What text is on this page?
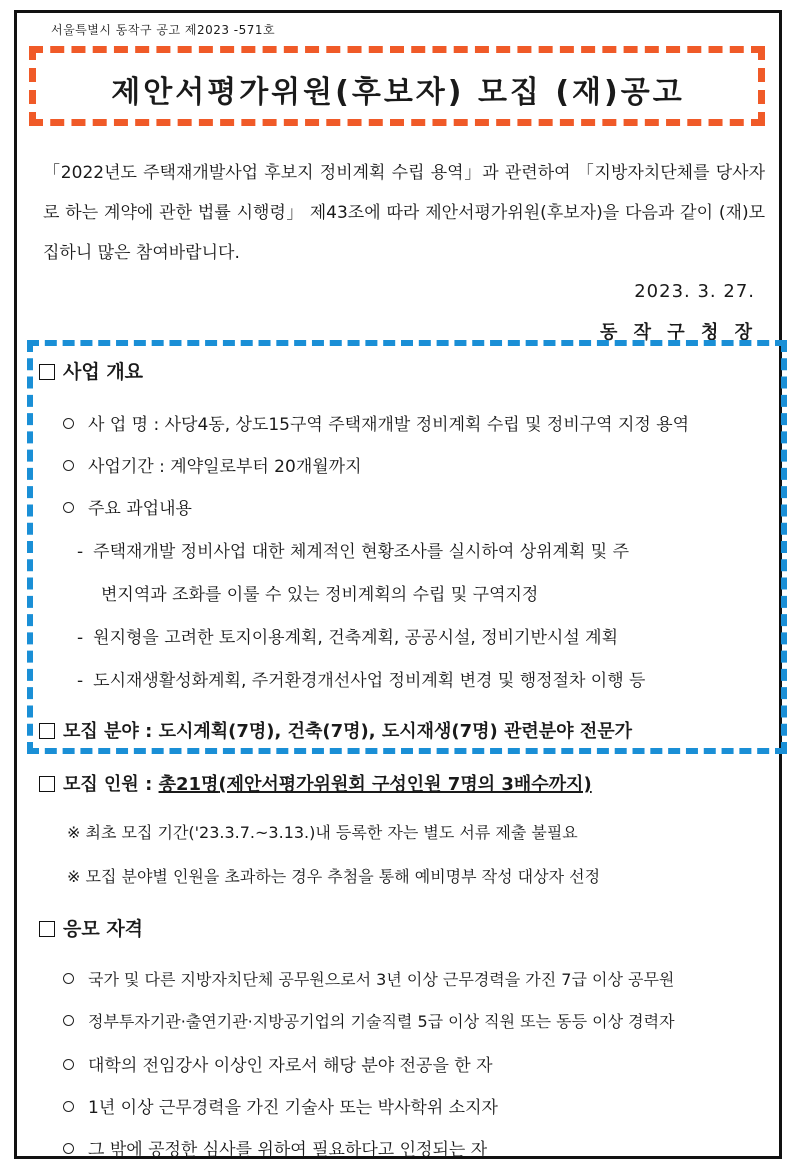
서울특별시 동작구 공고 제2023 -571호
제안서평가위원(후보자) 모집 (재)공고
「2022년도 주택재개발사업 후보지 정비계획 수립 용역」과 관련하여 「지방자치단체를 당사자로 하는 계약에 관한 법률 시행령」 제43조에 따라 제안서평가위원(후보자)을 다음과 같이 (재)모집하니 많은 참여바랍니다.
2023. 3. 27.
동 작 구 청 장
사업 개요
사 업 명 : 사당4동, 상도15구역 주택재개발 정비계획 수립 및 정비구역 지정 용역
사업기간 : 계약일로부터 20개월까지
주요 과업내용
- 주택재개발 정비사업 대한 체계적인 현황조사를 실시하여 상위계획 및 주
변지역과 조화를 이룰 수 있는 정비계획의 수립 및 구역지정
- 원지형을 고려한 토지이용계획, 건축계획, 공공시설, 정비기반시설 계획
- 도시재생활성화계획, 주거환경개선사업 정비계획 변경 및 행정절차 이행 등
모집 분야 : 도시계획(7명), 건축(7명), 도시재생(7명) 관련분야 전문가
모집 인원 : 총21명(제안서평가위원회 구성인원 7명의 3배수까지)
※ 최초 모집 기간('23.3.7.~3.13.)내 등록한 자는 별도 서류 제출 불필요
※ 모집 분야별 인원을 초과하는 경우 추첨을 통해 예비명부 작성 대상자 선정
응모 자격
국가 및 다른 지방자치단체 공무원으로서 3년 이상 근무경력을 가진 7급 이상 공무원
정부투자기관·출연기관·지방공기업의 기술직렬 5급 이상 직원 또는 동등 이상 경력자
대학의 전임강사 이상인 자로서 해당 분야 전공을 한 자
1년 이상 근무경력을 가진 기술사 또는 박사학위 소지자
그 밖에 공정한 심사를 위하여 필요하다고 인정되는 자
